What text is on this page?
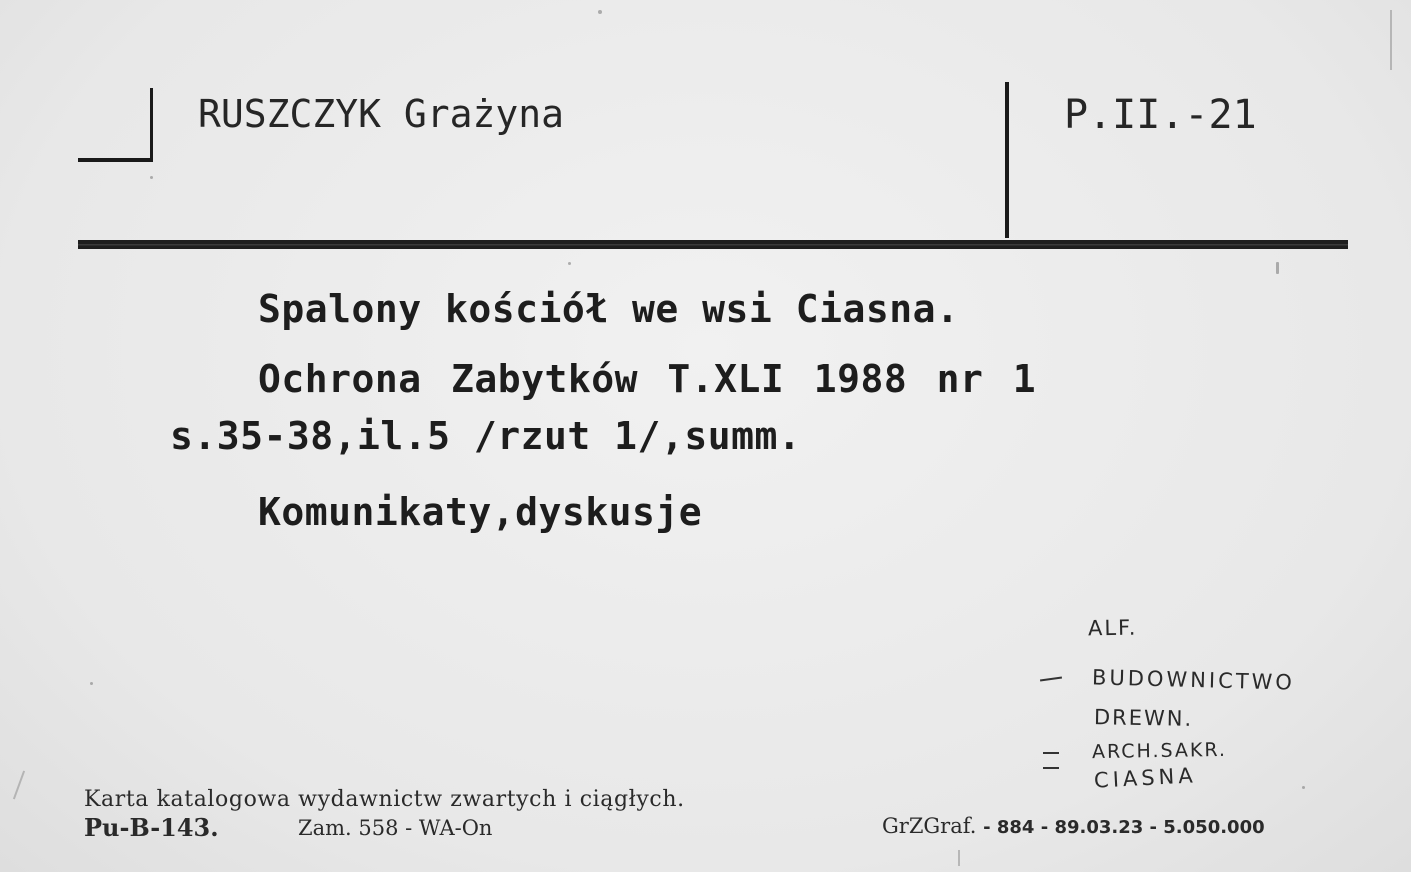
RUSZCZYK Grażyna	P.II.-21
Spalony kościół we wsi Ciasna.
Ochrona Zabytków T.XLI 1988 nr 1
s.35-38,il.5 /rzut 1/,summ.
Komunikaty,dyskusje
ALF.
BUDOWNICTWO
DREWN.
ARCH.SAKR.
CIASNA
Karta katalogowa wydawnictw zwartych i ciągłych.
Pu-B-143.	Zam. 558 - WA-On	GrZGraf. - 884 - 89.03.23 - 5.050.000
